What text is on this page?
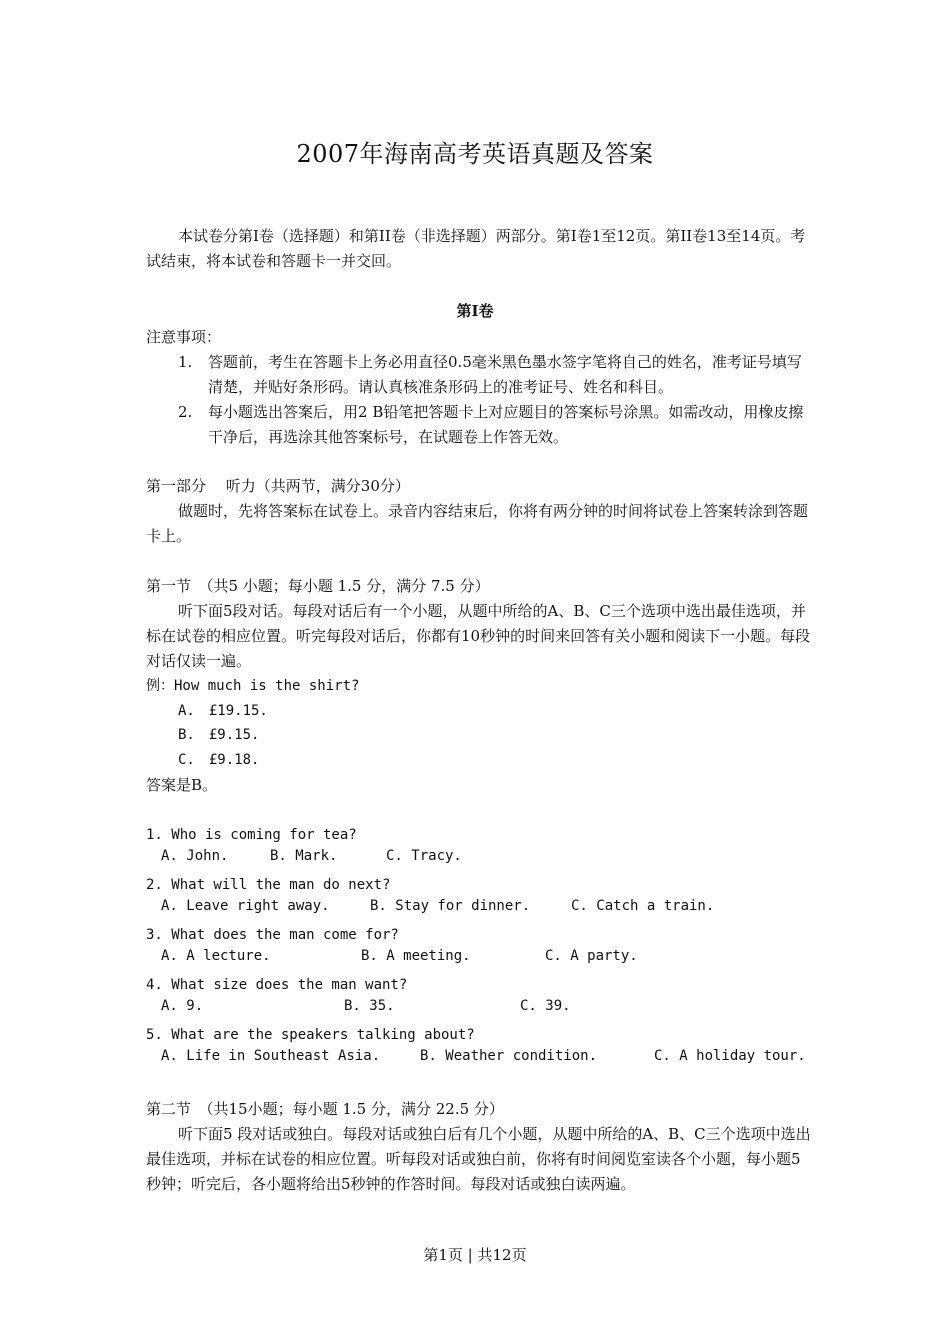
2007年海南高考英语真题及答案
本试卷分第I卷（选择题）和第II卷（非选择题）两部分。第I卷1至12页。第II卷13至14页。考试结束，将本试卷和答题卡一并交回。
第I卷
注意事项：
1. 答题前，考生在答题卡上务必用直径0.5毫米黑色墨水签字笔将自己的姓名，准考证号填写清楚，并贴好条形码。请认真核准条形码上的准考证号、姓名和科目。
2. 每小题选出答案后，用2 B铅笔把答题卡上对应题目的答案标号涂黑。如需改动，用橡皮擦干净后，再选涂其他答案标号，在试题卷上作答无效。
第一部分　 听力（共两节，满分30分）
做题时，先将答案标在试卷上。录音内容结束后，你将有两分钟的时间将试卷上答案转涂到答题卡上。
第一节　（共5 小题；每小题 1.5 分，满分 7.5 分）
听下面5段对话。每段对话后有一个小题，从题中所给的A、B、C三个选项中选出最佳选项，并标在试卷的相应位置。听完每段对话后，你都有10秒钟的时间来回答有关小题和阅读下一小题。每段对话仅读一遍。
例：How much is the shirt?
A.　£19.15.
B.　£9.15.
C.　£9.18.
答案是B。
1. Who is coming for tea?
A. John.	B. Mark.	C. Tracy.
2. What will the man do next?
A. Leave right away.	B. Stay for dinner.	C. Catch a train.
3. What does the man come for?
A. A lecture.	B. A meeting.	C. A party.
4. What size does the man want?
A. 9.	B. 35.	C. 39.
5. What are the speakers talking about?
A. Life in Southeast Asia.	B. Weather condition.	C. A holiday tour.
第二节　（共15小题；每小题 1.5 分，满分 22.5 分）
听下面5 段对话或独白。每段对话或独白后有几个小题，从题中所给的A、B、C三个选项中选出最佳选项，并标在试卷的相应位置。听每段对话或独白前，你将有时间阅览室读各个小题，每小题5秒钟；听完后，各小题将给出5秒钟的作答时间。每段对话或独白读两遍。
第1页 | 共12页
